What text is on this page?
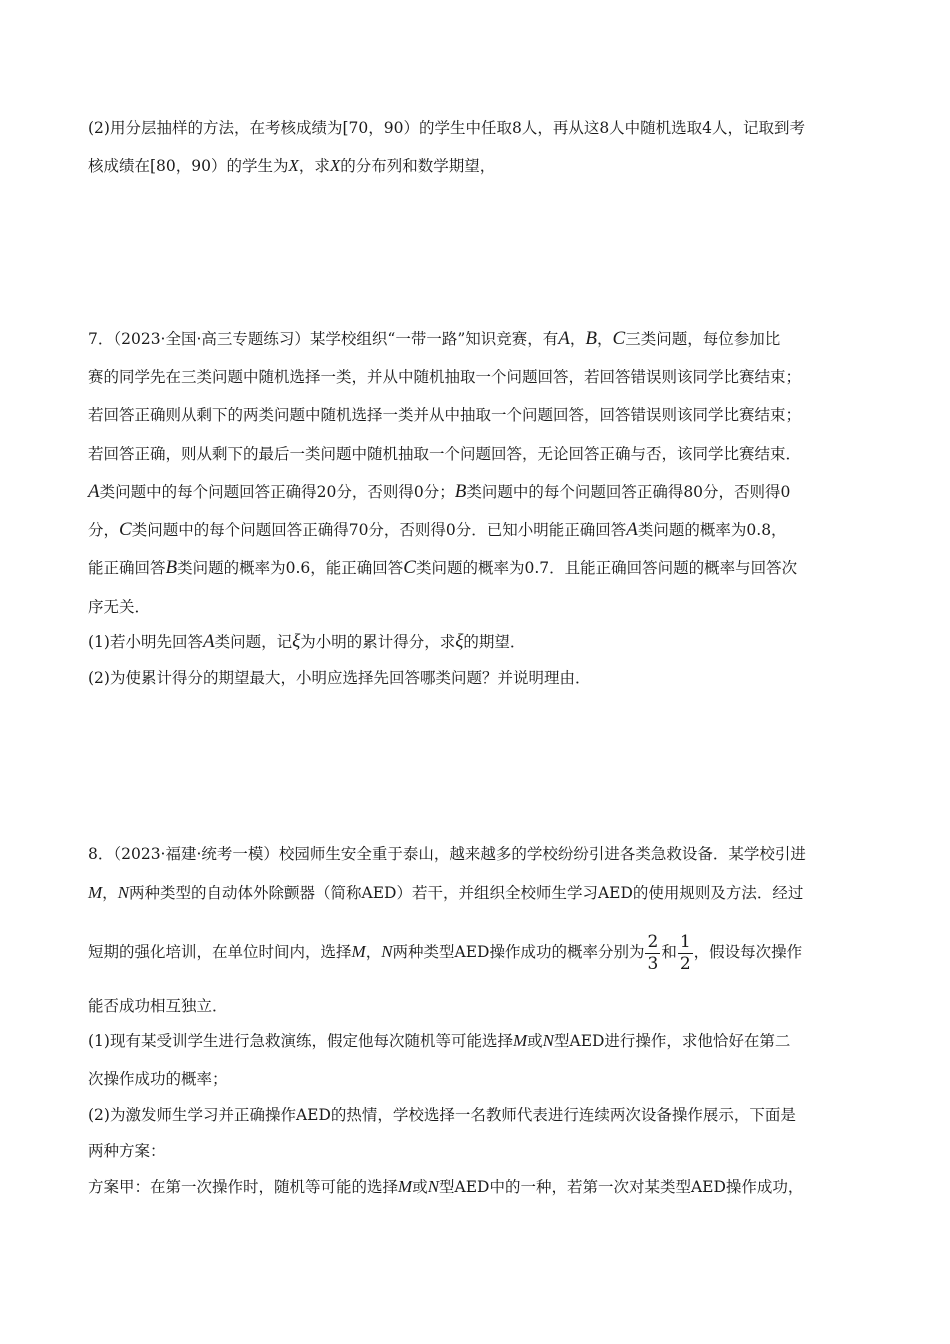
(2)用分层抽样的方法，在考核成绩为[70，90）的学生中任取8人，再从这8人中随机选取4人，记取到考
核成绩在[80，90）的学生为X，求X的分布列和数学期望，
7．（2023·全国·高三专题练习）某学校组织“一带一路”知识竞赛，有A，B，C三类问题，每位参加比
赛的同学先在三类问题中随机选择一类，并从中随机抽取一个问题回答，若回答错误则该同学比赛结束；
若回答正确则从剩下的两类问题中随机选择一类并从中抽取一个问题回答，回答错误则该同学比赛结束；
若回答正确，则从剩下的最后一类问题中随机抽取一个问题回答，无论回答正确与否，该同学比赛结束．
A类问题中的每个问题回答正确得20分，否则得0分；B类问题中的每个问题回答正确得80分，否则得0
分，C类问题中的每个问题回答正确得70分，否则得0分．已知小明能正确回答A类问题的概率为0.8，
能正确回答B类问题的概率为0.6，能正确回答C类问题的概率为0.7．且能正确回答问题的概率与回答次
序无关．
(1)若小明先回答A类问题，记ξ为小明的累计得分，求ξ的期望．
(2)为使累计得分的期望最大，小明应选择先回答哪类问题？并说明理由．
8．（2023·福建·统考一模）校园师生安全重于泰山，越来越多的学校纷纷引进各类急救设备．某学校引进
M，N两种类型的自动体外除颤器（简称AED）若干，并组织全校师生学习AED的使用规则及方法．经过
短期的强化培训，在单位时间内，选择M，N两种类型AED操作成功的概率分别为 $\frac{2}{3}$ 和 $\frac{1}{2}$ ，假设每次操作
能否成功相互独立．
(1)现有某受训学生进行急救演练，假定他每次随机等可能选择M或N型AED进行操作，求他恰好在第二
次操作成功的概率；
(2)为激发师生学习并正确操作AED的热情，学校选择一名教师代表进行连续两次设备操作展示，下面是
两种方案：
方案甲：在第一次操作时，随机等可能的选择M或N型AED中的一种，若第一次对某类型AED操作成功，
